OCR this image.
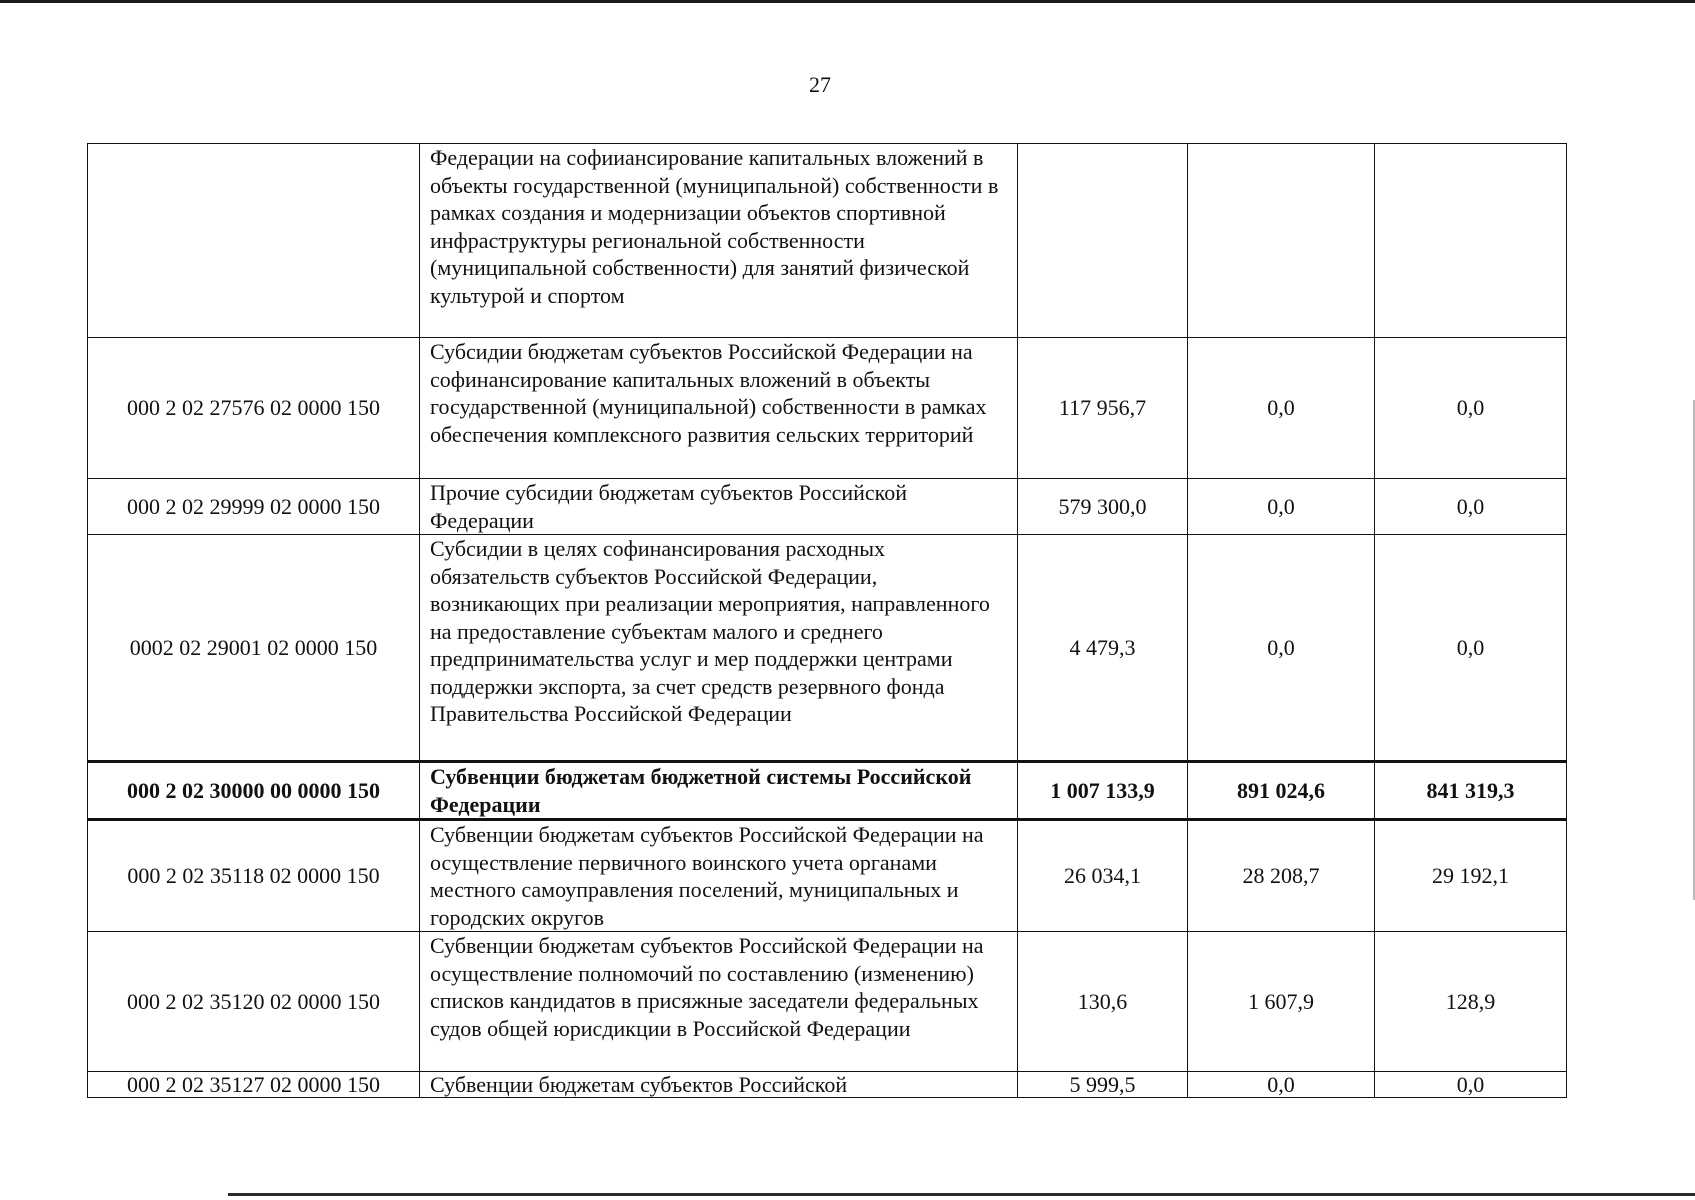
27
	Федерации на софииансирование капитальных вложений в объекты государственной (муниципальной) собственности в рамках создания и модернизации объектов спортивной инфраструктуры региональной собственности (муниципальной собственности) для занятий физической культурой и спортом			
000 2 02 27576 02 0000 150	Субсидии бюджетам субъектов Российской Федерации на софинансирование капитальных вложений в объекты государственной (муниципальной) собственности в рамках обеспечения комплексного развития сельских территорий	117 956,7	0,0	0,0
000 2 02 29999 02 0000 150	Прочие субсидии бюджетам субъектов Российской Федерации	579 300,0	0,0	0,0
0002 02 29001 02 0000 150	Субсидии в целях софинансирования расходных обязательств субъектов Российской Федерации, возникающих при реализации мероприятия, направленного на предоставление субъектам малого и среднего предпринимательства услуг и мер поддержки центрами поддержки экспорта, за счет средств резервного фонда Правительства Российской Федерации	4 479,3	0,0	0,0
000 2 02 30000 00 0000 150	Субвенции бюджетам бюджетной системы Российской Федерации	1 007 133,9	891 024,6	841 319,3
000 2 02 35118 02 0000 150	Субвенции бюджетам субъектов Российской Федерации на осуществление первичного воинского учета органами местного самоуправления поселений, муниципальных и городских округов	26 034,1	28 208,7	29 192,1
000 2 02 35120 02 0000 150	Субвенции бюджетам субъектов Российской Федерации на осуществление полномочий по составлению (изменению) списков кандидатов в присяжные заседатели федеральных судов общей юрисдикции в Российской Федерации	130,6	1 607,9	128,9
000 2 02 35127 02 0000 150	Субвенции бюджетам субъектов Российской	5 999,5	0,0	0,0
